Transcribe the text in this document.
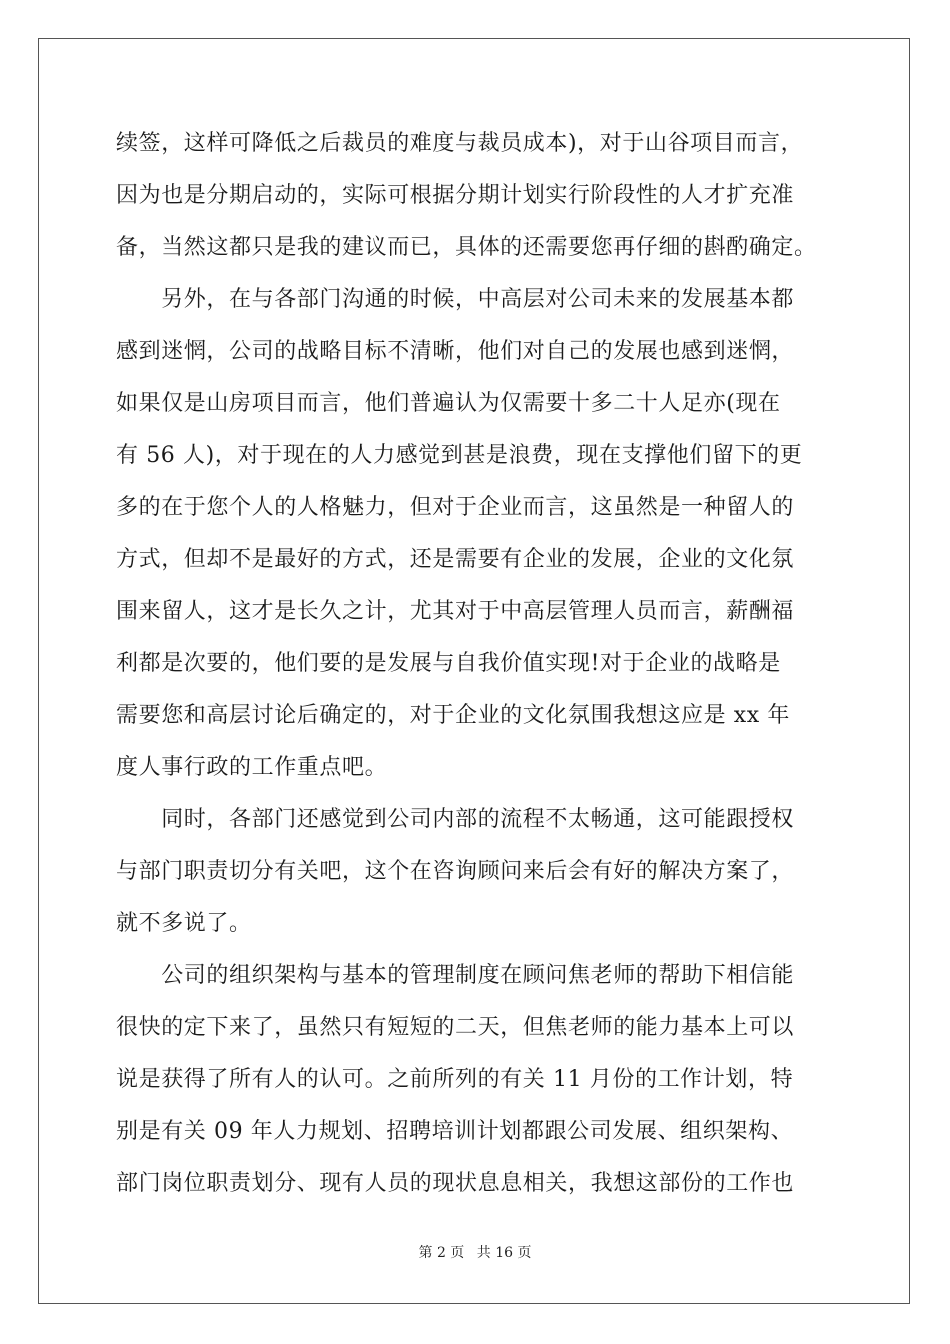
续签，这样可降低之后裁员的难度与裁员成本)，对于山谷项目而言，
因为也是分期启动的，实际可根据分期计划实行阶段性的人才扩充准
备，当然这都只是我的建议而已，具体的还需要您再仔细的斟酌确定。
　　另外，在与各部门沟通的时候，中高层对公司未来的发展基本都
感到迷惘，公司的战略目标不清晰，他们对自己的发展也感到迷惘，
如果仅是山房项目而言，他们普遍认为仅需要十多二十人足亦(现在
有 56 人)，对于现在的人力感觉到甚是浪费，现在支撑他们留下的更
多的在于您个人的人格魅力，但对于企业而言，这虽然是一种留人的
方式，但却不是最好的方式，还是需要有企业的发展，企业的文化氛
围来留人，这才是长久之计，尤其对于中高层管理人员而言，薪酬福
利都是次要的，他们要的是发展与自我价值实现!对于企业的战略是
需要您和高层讨论后确定的，对于企业的文化氛围我想这应是 xx 年
度人事行政的工作重点吧。
　　同时，各部门还感觉到公司内部的流程不太畅通，这可能跟授权
与部门职责切分有关吧，这个在咨询顾问来后会有好的解决方案了，
就不多说了。
　　公司的组织架构与基本的管理制度在顾问焦老师的帮助下相信能
很快的定下来了，虽然只有短短的二天，但焦老师的能力基本上可以
说是获得了所有人的认可。之前所列的有关 11 月份的工作计划，特
别是有关 09 年人力规划、招聘培训计划都跟公司发展、组织架构、
部门岗位职责划分、现有人员的现状息息相关，我想这部份的工作也
第 2 页 共 16 页
